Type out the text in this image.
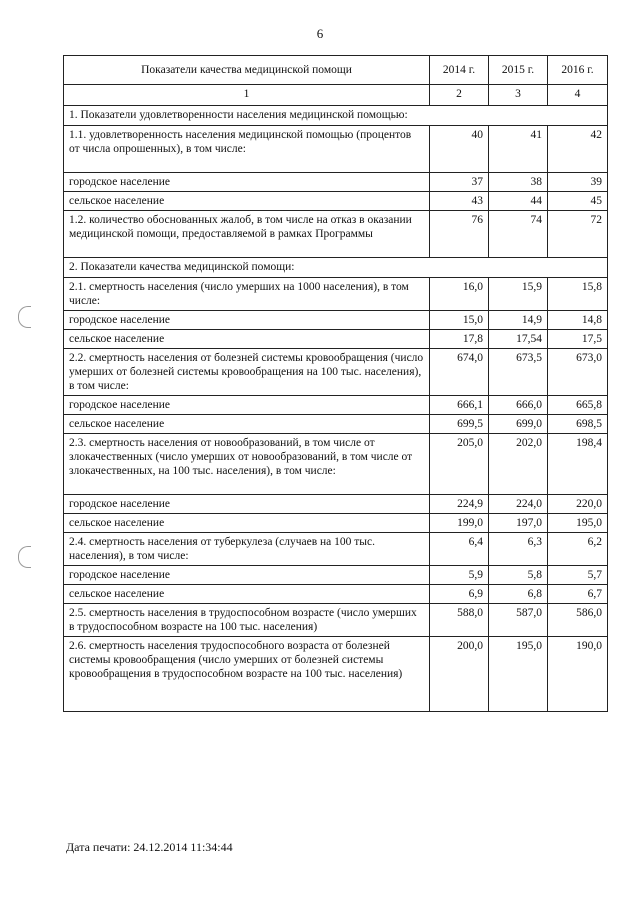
6
Показатели качества медицинской помощи	2014 г.	2015 г.	2016 г.
1	2	3	4
1. Показатели удовлетворенности населения медицинской помощью:			
1.1. удовлетворенность населения медицинской помощью (процентов от числа опрошенных), в том числе:	40	41	42
городское население	37	38	39
сельское население	43	44	45
1.2. количество обоснованных жалоб, в том числе на отказ в оказании медицинской помощи, предоставляемой в рамках Программы	76	74	72
2. Показатели качества медицинской помощи:			
2.1. смертность населения (число умерших на 1000 населения), в том числе:	16,0	15,9	15,8
городское население	15,0	14,9	14,8
сельское население	17,8	17,54	17,5
2.2. смертность населения от болезней системы кровообращения (число умерших от болезней системы кровообращения на 100 тыс. населения), в том числе:	674,0	673,5	673,0
городское население	666,1	666,0	665,8
сельское население	699,5	699,0	698,5
2.3. смертность населения от новообразований, в том числе от злокачественных (число умерших от новообразований, в том числе от злокачественных, на 100 тыс. населения), в том числе:	205,0	202,0	198,4
городское население	224,9	224,0	220,0
сельское население	199,0	197,0	195,0
2.4. смертность населения от туберкулеза (случаев на 100 тыс. населения), в том числе:	6,4	6,3	6,2
городское население	5,9	5,8	5,7
сельское население	6,9	6,8	6,7
2.5. смертность населения в трудоспособном возрасте (число умерших в трудоспособном возрасте на 100 тыс. населения)	588,0	587,0	586,0
2.6. смертность населения трудоспособного возраста от болезней системы кровообращения (число умерших от болезней системы кровообращения в трудоспособном возрасте на 100 тыс. населения)	200,0	195,0	190,0
Дата печати: 24.12.2014 11:34:44
